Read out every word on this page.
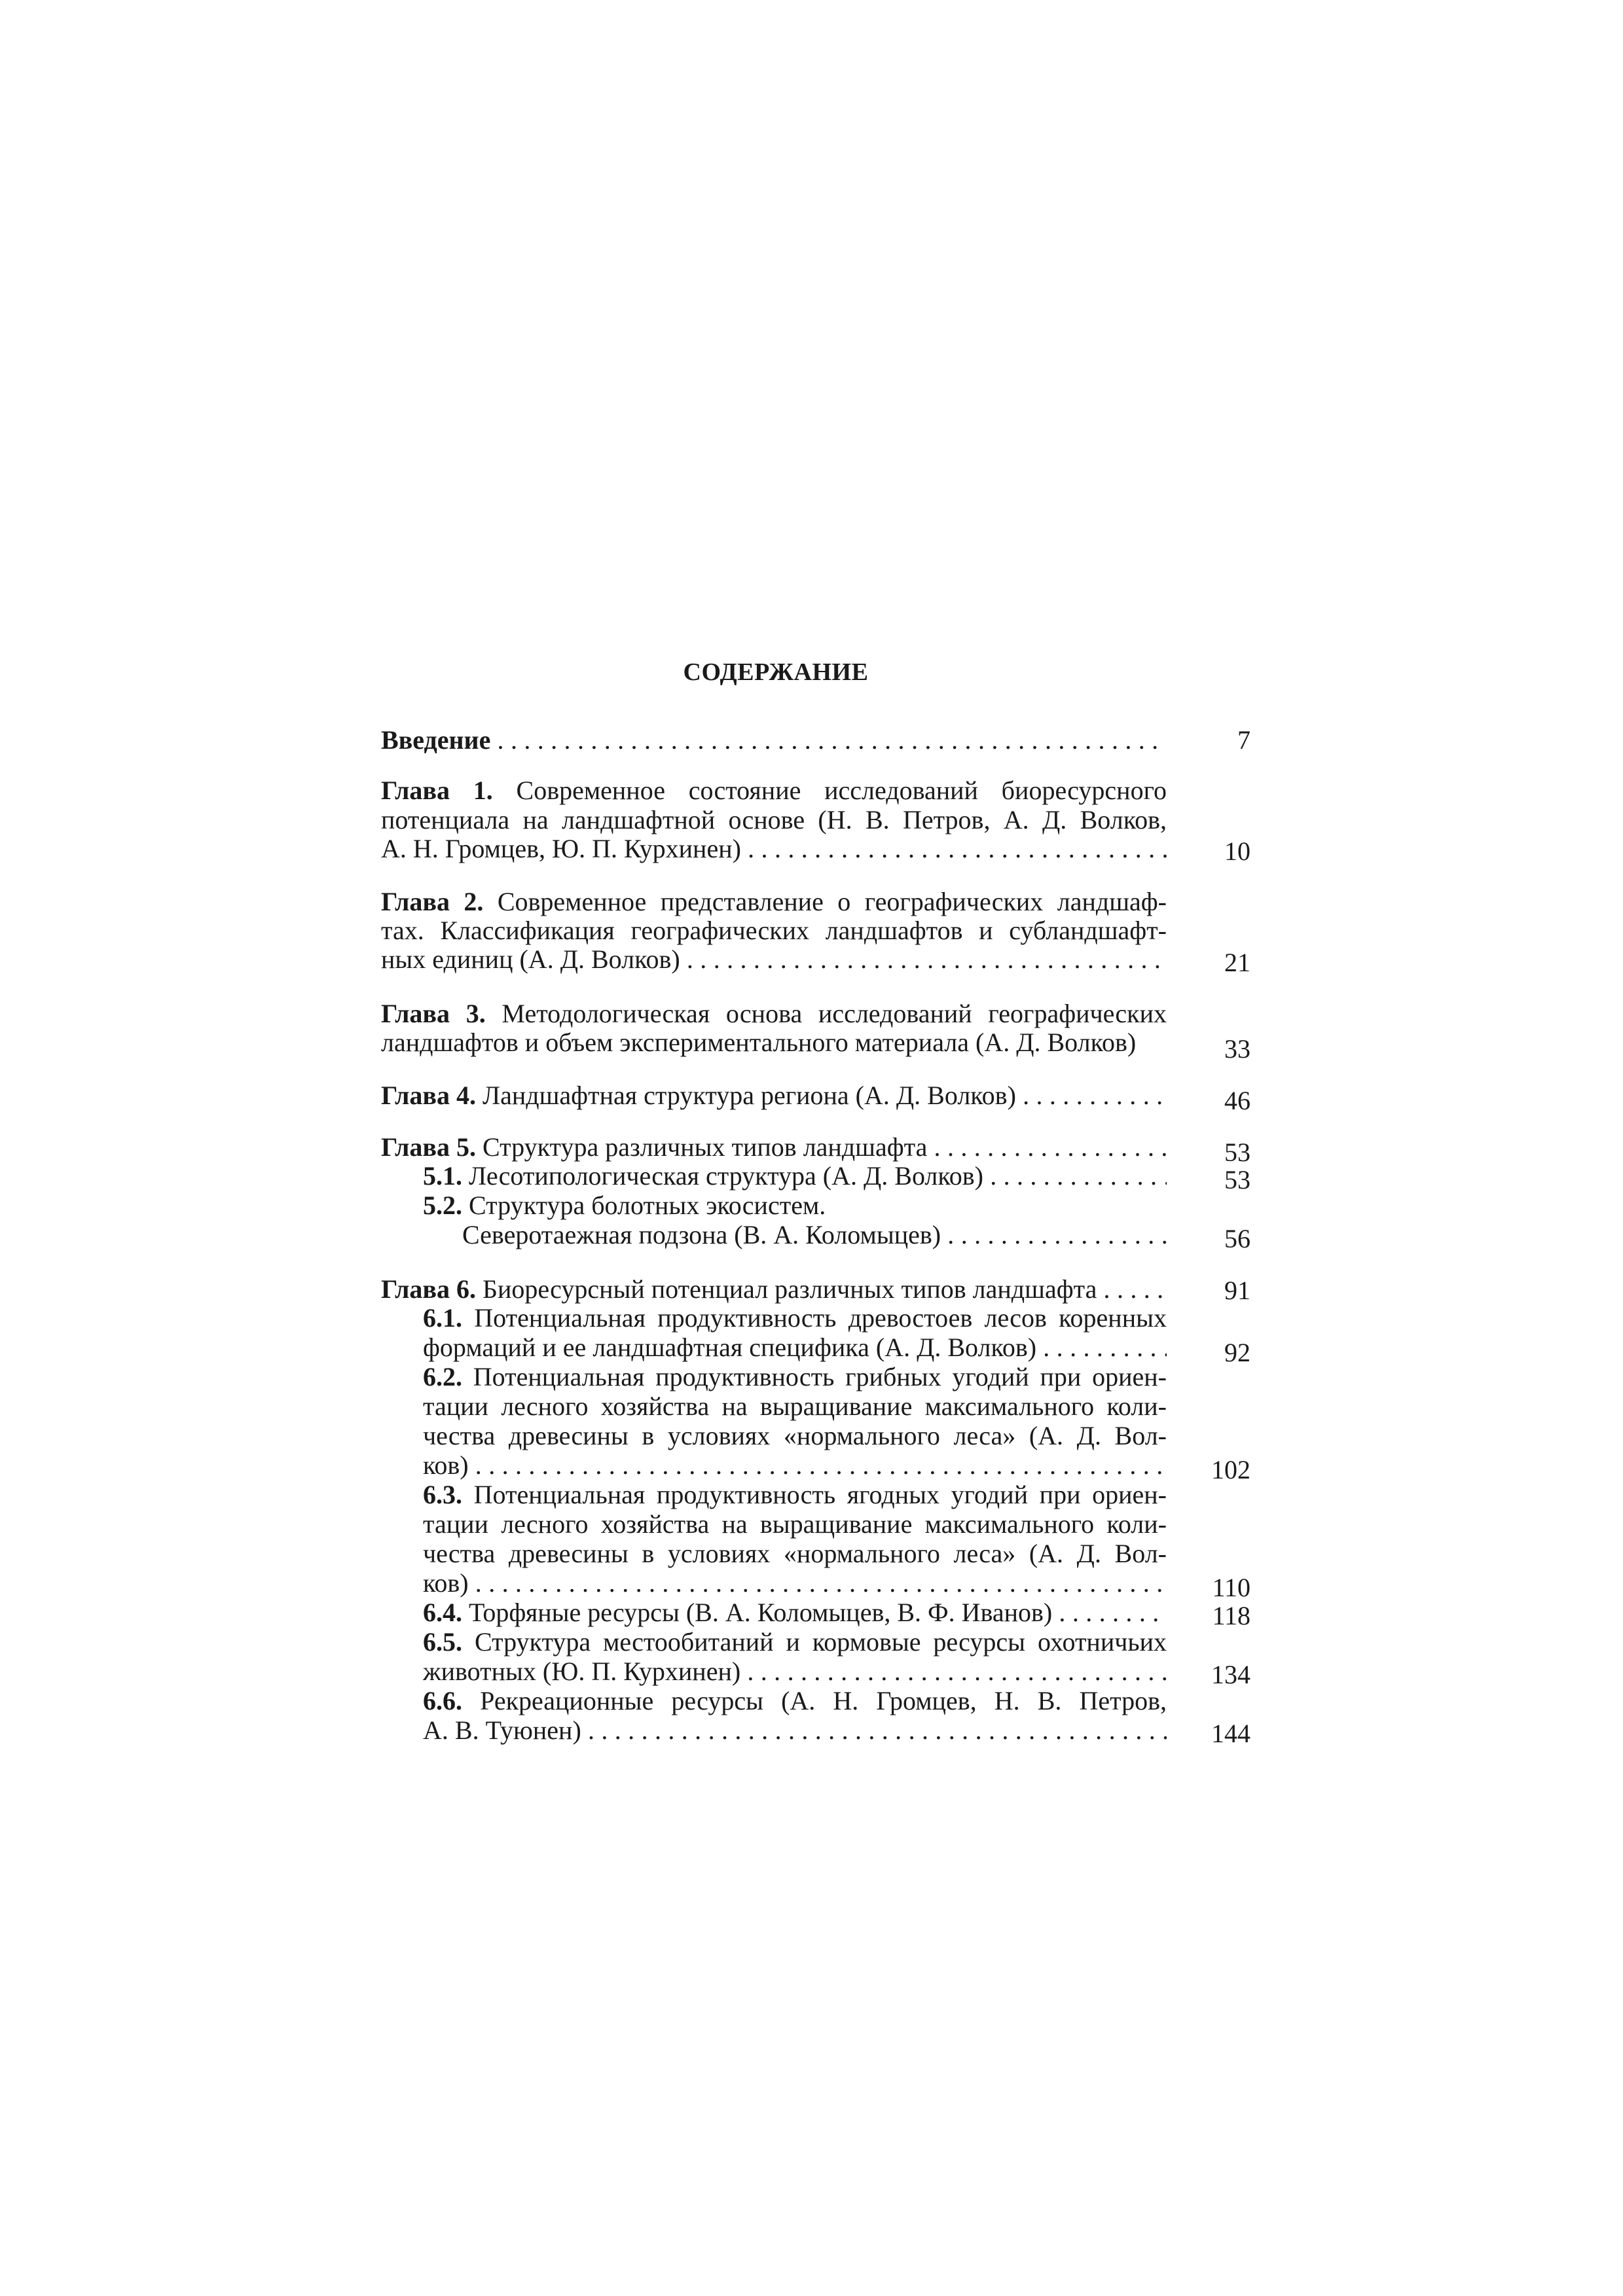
СОДЕРЖАНИЕ
Введение . . .
Глава 1. Современное состояние исследований биоресурсного
потенциала на ландшафтной основе (Н. В. Петров, А. Д. Волков,
А. Н. Громцев, Ю. П. Курхинен) . . .
Глава 2. Современное представление о географических ландшаф-
тах. Классификация географических ландшафтов и субландшафт-
ных единиц (А. Д. Волков) . . .
Глава 3. Методологическая основа исследований географических
ландшафтов и объем экспериментального материала (А. Д. Волков)
Глава 4. Ландшафтная структура региона (А. Д. Волков) . . .
Глава 5. Структура различных типов ландшафта . . .
5.1. Лесотипологическая структура (А. Д. Волков) . . .
5.2. Структура болотных экосистем.
Северотаежная подзона (В. А. Коломыцев) . . .
Глава 6. Биоресурсный потенциал различных типов ландшафта . . .
6.1. Потенциальная продуктивность древостоев лесов коренных
формаций и ее ландшафтная специфика (А. Д. Волков) . . .
6.2. Потенциальная продуктивность грибных угодий при ориен-
тации лесного хозяйства на выращивание максимального коли-
чества древесины в условиях «нормального леса» (А. Д. Вол-
ков) . . .
6.3. Потенциальная продуктивность ягодных угодий при ориен-
тации лесного хозяйства на выращивание максимального коли-
чества древесины в условиях «нормального леса» (А. Д. Вол-
ков) . . .
6.4. Торфяные ресурсы (В. А. Коломыцев, В. Ф. Иванов) . . .
6.5. Структура местообитаний и кормовые ресурсы охотничьих
животных (Ю. П. Курхинен) . . .
6.6. Рекреационные ресурсы (А. Н. Громцев, Н. В. Петров,
А. В. Туюнен) . . .
7
10
21
33
46
53
53
56
91
92
102
110
118
134
144
